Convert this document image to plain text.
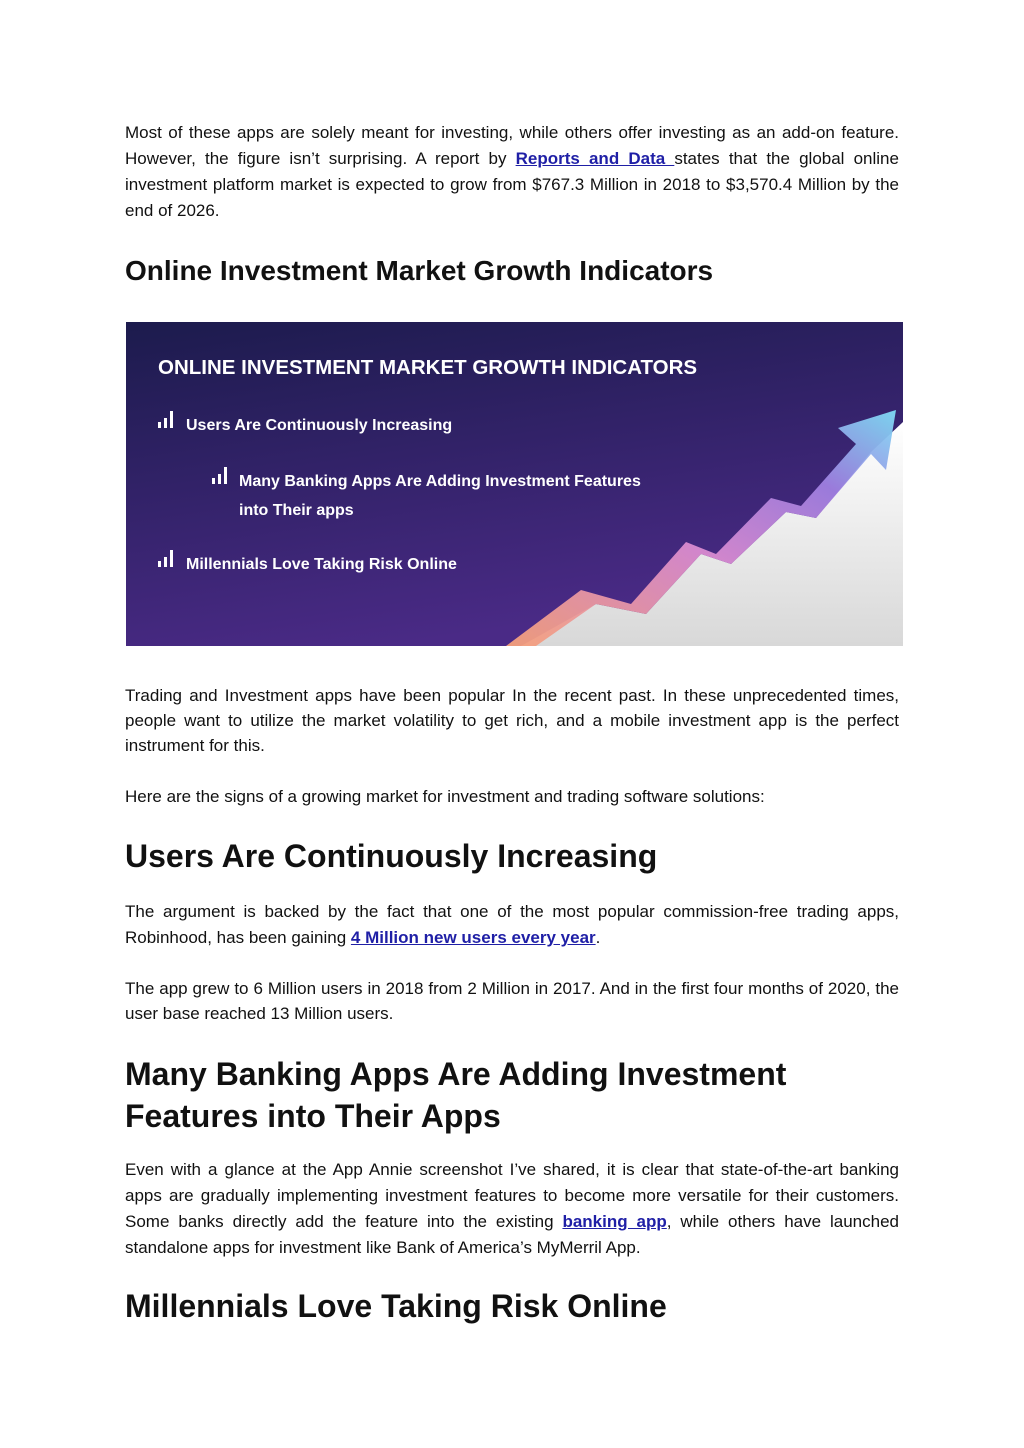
Most of these apps are solely meant for investing, while others offer investing as an add-on feature. However, the figure isn’t surprising. A report by Reports and Data states that the global online investment platform market is expected to grow from $767.3 Million in 2018 to $3,570.4 Million by the end of 2026.

Online Investment Market Growth Indicators
ONLINE INVESTMENT MARKET GROWTH INDICATORS
Users Are Continuously Increasing
Many Banking Apps Are Adding Investment Features
into Their apps
Millennials Love Taking Risk Online

Trading and Investment apps have been popular In the recent past. In these unprecedented times, people want to utilize the market volatility to get rich, and a mobile investment app is the perfect instrument for this.

Here are the signs of a growing market for investment and trading software solutions:

Users Are Continuously Increasing

The argument is backed by the fact that one of the most popular commission-free trading apps, Robinhood, has been gaining 4 Million new users every year.

The app grew to 6 Million users in 2018 from 2 Million in 2017. And in the first four months of 2020, the user base reached 13 Million users.

Many Banking Apps Are Adding Investment Features into Their Apps

Even with a glance at the App Annie screenshot I’ve shared, it is clear that state-of-the-art banking apps are gradually implementing investment features to become more versatile for their customers. Some banks directly add the feature into the existing banking app, while others have launched standalone apps for investment like Bank of America’s MyMerril App.

Millennials Love Taking Risk Online
